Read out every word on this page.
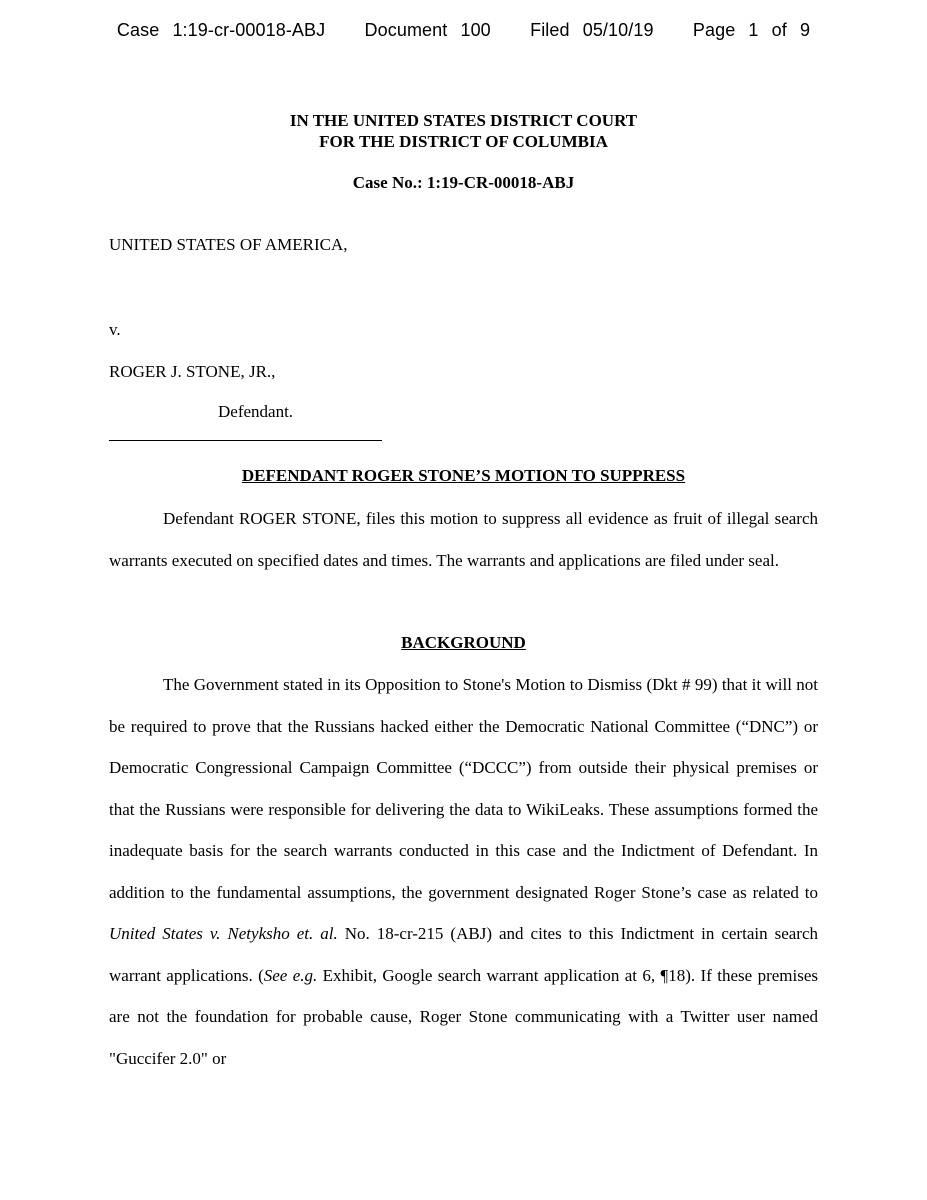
Case 1:19-cr-00018-ABJ   Document 100   Filed 05/10/19   Page 1 of 9
IN THE UNITED STATES DISTRICT COURT
FOR THE DISTRICT OF COLUMBIA
Case No.: 1:19-CR-00018-ABJ
UNITED STATES OF AMERICA,
v.
ROGER J. STONE, JR.,
Defendant.
DEFENDANT ROGER STONE’S MOTION TO SUPPRESS

Defendant ROGER STONE, files this motion to suppress all evidence as fruit of illegal search warrants executed on specified dates and times. The warrants and applications are filed under seal.

BACKGROUND

The Government stated in its Opposition to Stone's Motion to Dismiss (Dkt # 99) that it will not be required to prove that the Russians hacked either the Democratic National Committee (“DNC”) or Democratic Congressional Campaign Committee (“DCCC”) from outside their physical premises or that the Russians were responsible for delivering the data to WikiLeaks. These assumptions formed the inadequate basis for the search warrants conducted in this case and the Indictment of Defendant. In addition to the fundamental assumptions, the government designated Roger Stone’s case as related to United States v. Netyksho et. al. No. 18-cr-215 (ABJ) and cites to this Indictment in certain search warrant applications. (See e.g. Exhibit, Google search warrant application at 6, ¶18). If these premises are not the foundation for probable cause, Roger Stone communicating with a Twitter user named "Guccifer 2.0" or
